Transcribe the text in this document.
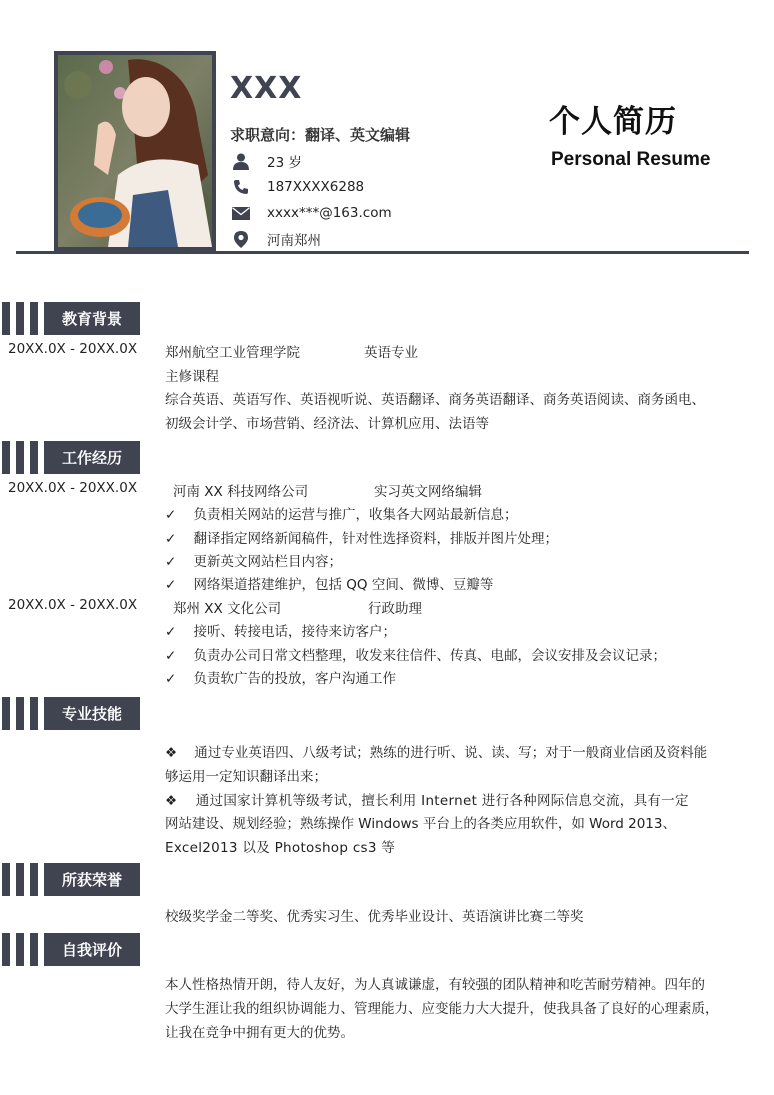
XXX
求职意向：翻译、英文编辑
23 岁
187XXXX6288
xxxx***@163.com
河南郑州
个人简历
Personal Resume
教育背景
20XX.0X - 20XX.0X 郑州航空工业管理学院	英语专业
主修课程
综合英语、英语写作、英语视听说、英语翻译、商务英语翻译、商务英语阅读、商务函电、
初级会计学、市场营销、经济法、计算机应用、法语等
工作经历
20XX.0X - 20XX.0X	河南 XX 科技网络公司	实习英文网络编辑
✓ 负责相关网站的运营与推广，收集各大网站最新信息；
✓ 翻译指定网络新闻稿件，针对性选择资料，排版并图片处理；
✓ 更新英文网站栏目内容；
✓ 网络渠道搭建维护，包括 QQ 空间、微博、豆瓣等
20XX.0X - 20XX.0X	郑州 XX 文化公司	行政助理
✓ 接听、转接电话，接待来访客户；
✓ 负责办公司日常文档整理，收发来往信件、传真、电邮，会议安排及会议记录；
✓ 负责软广告的投放，客户沟通工作
专业技能
❖ 通过专业英语四、八级考试；熟练的进行听、说、读、写；对于一般商业信函及资料能
够运用一定知识翻译出来；
❖ 通过国家计算机等级考试，擅长利用 Internet 进行各种网际信息交流，具有一定
网站建设、规划经验；熟练操作 Windows 平台上的各类应用软件，如 Word 2013、
Excel2013 以及 Photoshop cs3 等
所获荣誉
校级奖学金二等奖、优秀实习生、优秀毕业设计、英语演讲比赛二等奖
自我评价
本人性格热情开朗，待人友好，为人真诚谦虚，有较强的团队精神和吃苦耐劳精神。四年的
大学生涯让我的组织协调能力、管理能力、应变能力大大提升，使我具备了良好的心理素质，
让我在竞争中拥有更大的优势。
